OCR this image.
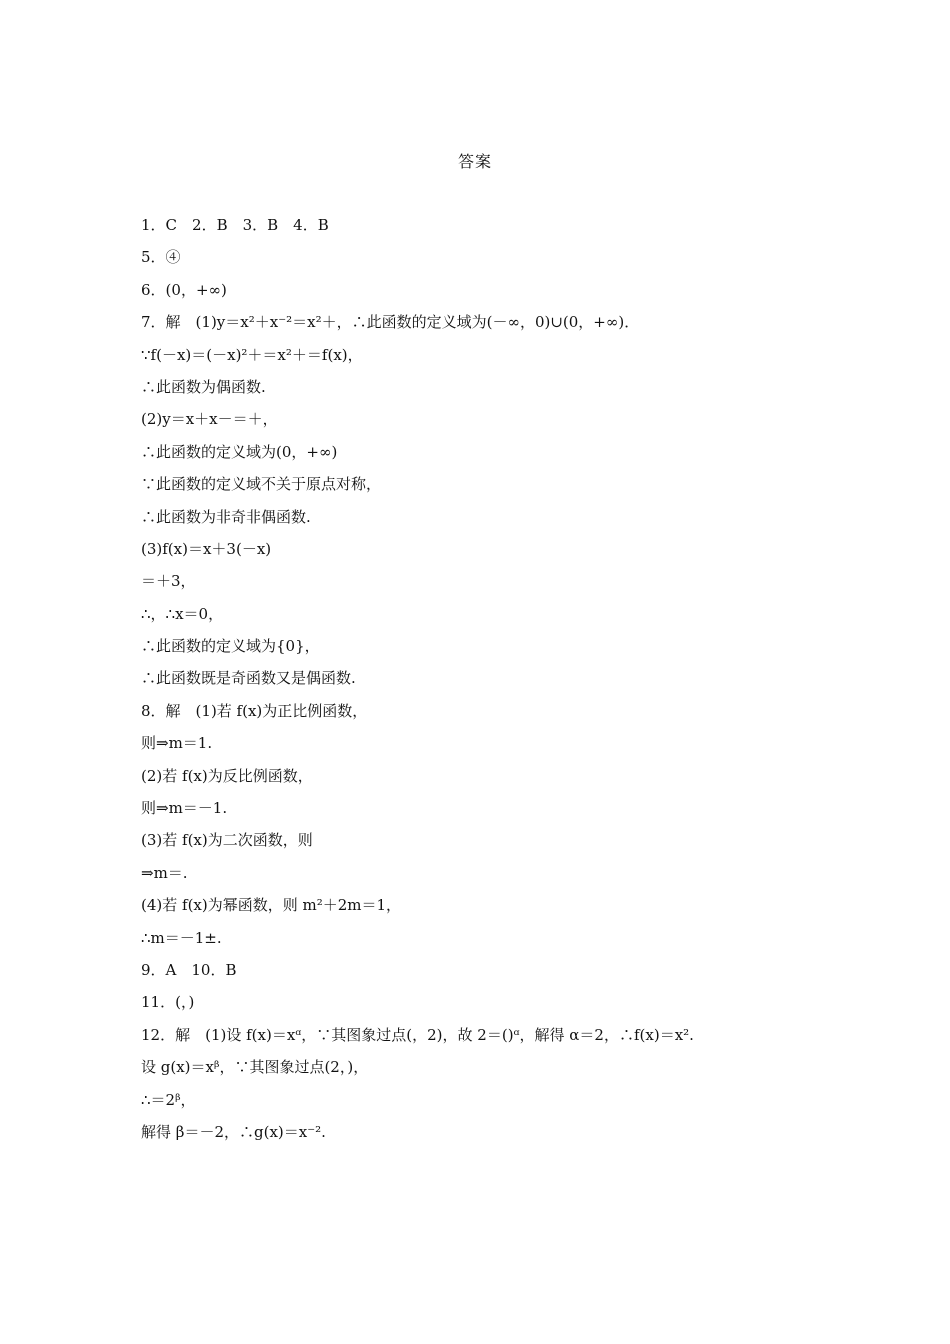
答案
1．C　2．B　3．B　4．B
5．④
6．(0，+∞)
7．解　(1)y＝x²＋x⁻²＝x²＋，∴此函数的定义域为(－∞，0)∪(0，+∞)．
∵f(－x)＝(－x)²＋＝x²＋＝f(x)，
∴此函数为偶函数.
(2)y＝x＋x－＝＋，
∴此函数的定义域为(0，+∞)
∵此函数的定义域不关于原点对称，
∴此函数为非奇非偶函数.
(3)f(x)＝x＋3(－x)
＝＋3，
∴，∴x＝0，
∴此函数的定义域为{0}，
∴此函数既是奇函数又是偶函数.
8．解　(1)若 f(x)为正比例函数，
则⇒m＝1.
(2)若 f(x)为反比例函数，
则⇒m＝－1.
(3)若 f(x)为二次函数，则
⇒m＝.
(4)若 f(x)为幂函数，则 m²＋2m＝1，
∴m＝－1±.
9．A　10．B
11．(，)
12．解　(1)设 f(x)＝xᵅ，∵其图象过点(，2)，故 2＝()ᵅ，解得 α＝2，∴f(x)＝x².
设 g(x)＝xᵝ，∵其图象过点(2，)，
∴＝2ᵝ，
解得 β＝－2，∴g(x)＝x⁻².
